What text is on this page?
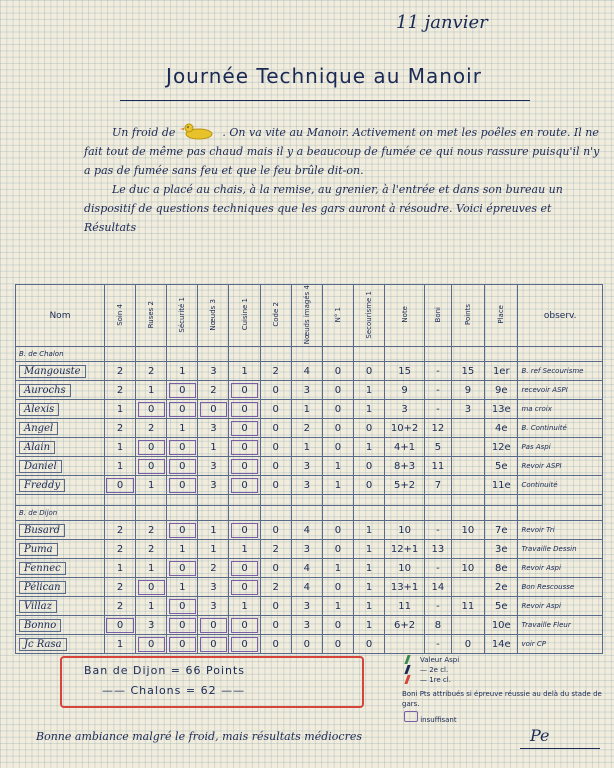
11 janvier
Journée Technique au Manoir

Un froid de	. On va vite au Manoir. Activement on met les poêles en route. Il ne fait tout de même pas chaud mais il y a beaucoup de fumée ce qui nous rassure puisqu'il n'y a pas de fumée sans feu et que le feu brûle dit-on.

Le duc a placé au chais, à la remise, au grenier, à l'entrée et dans son bureau un dispositif de questions techniques que les gars auront à résoudre. Voici épreuves et Résultats

Nom	Soin 4	Ruses 2	Sécurité 1	Nœuds 3	Cuisine 1	Code 2	Nœuds imagés 4	N° 1	Secourisme 1	Note	Boni	Points	Place	observ.
B. de Chalon														
Mangouste	2	2	1	3	1	2	4	0	0	15	-	15	1er	B. ref Secourisme
Aurochs	2	1	0	2	0	0	3	0	1	9	-	9	9e	recevoir ASPI
Alexis	1	0	0	0	0	0	1	0	1	3	-	3	13e	ma croix
Angel	2	2	1	3	0	0	2	0	0	10+2	12		4e	B. Continuité
Alain	1	0	0	1	0	0	1	0	1	4+1	5		12e	Pas Aspi
Daniel	1	0	0	3	0	0	3	1	0	8+3	11		5e	Revoir ASPI
Freddy	0	1	0	3	0	0	3	1	0	5+2	7		11e	Continuité

B. de Dijon														
Busard	2	2	0	1	0	0	4	0	1	10	-	10	7e	Revoir Tri
Puma	2	2	1	1	1	2	3	0	1	12+1	13		3e	Travaille Dessin
Fennec	1	1	0	2	0	0	4	1	1	10	-	10	8e	Revoir Aspi
Pélican	2	0	1	3	0	2	4	0	1	13+1	14		2e	Bon Rescousse
Villaz	2	1	0	3	1	0	3	1	1	11	-	11	5e	Revoir Aspi
Bonno	0	3	0	0	0	0	3	0	1	6+2	8		10e	Travaille Fleur
Jc Rasa	1	0	0	0	0	0	0	0	0		-	0	14e	voir CP
Ban de Dijon = 66 Points
—— Chalons = 62 ——
Valeur Aspi
— 2e cl.
— 1re cl.
Boni Pts attribués si épreuve réussie au delà du stade de gars.
insuffisant
Bonne ambiance malgré le froid, mais résultats médiocres	Pe
